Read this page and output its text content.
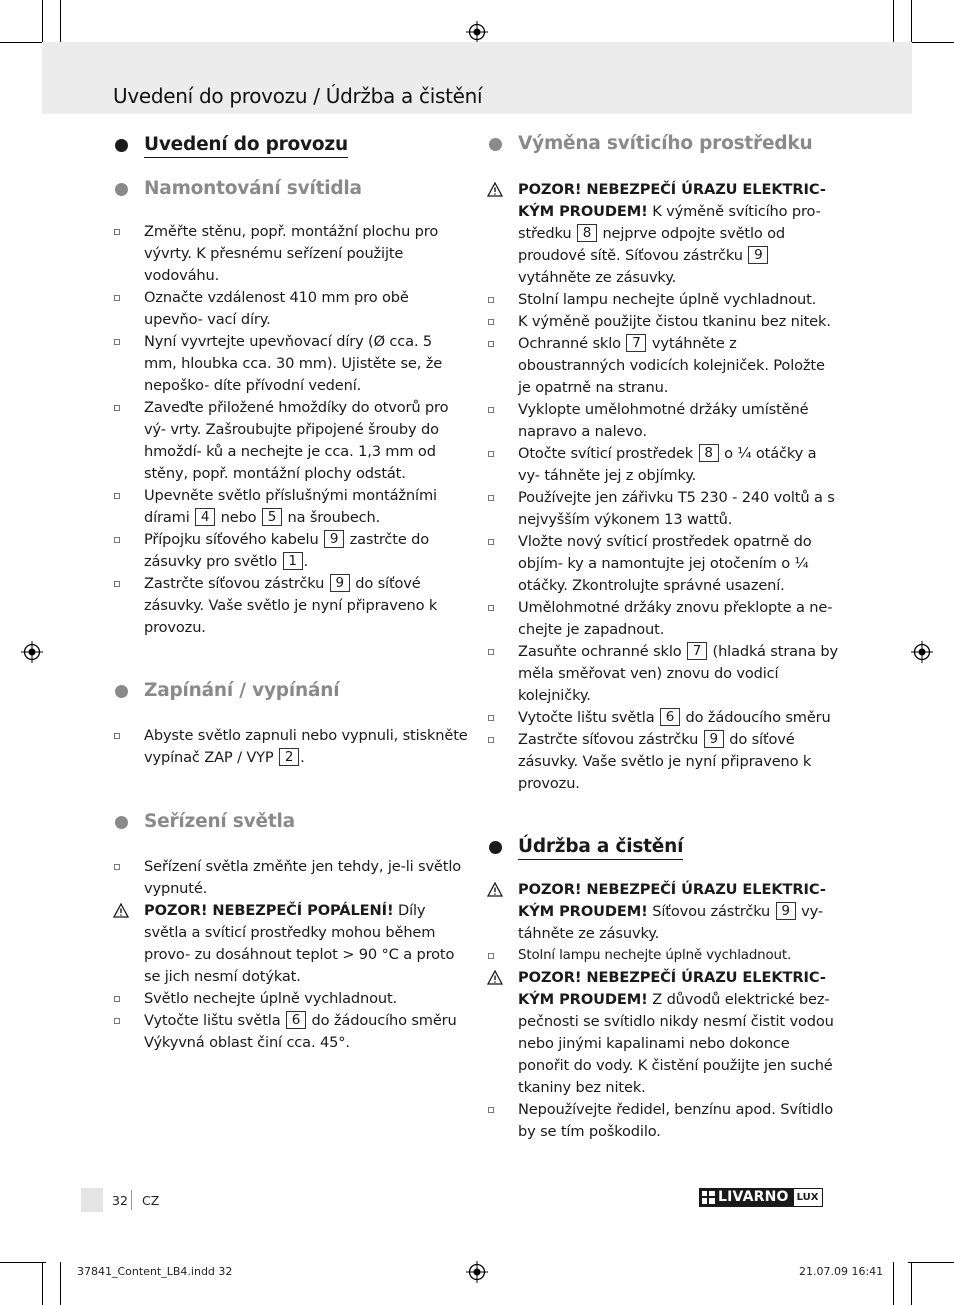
Uvedení do provozu / Údržba a čistění
Uvedení do provozu
Namontování svítidla
Změřte stěnu, popř. montážní plochu pro vývrty. K přesnému seřízení použijte vodováhu.
Označte vzdálenost 410 mm pro obě upevňo- vací díry.
Nyní vyvrtejte upevňovací díry (Ø cca. 5 mm, hloubka cca. 30 mm). Ujistěte se, že nepoško- díte přívodní vedení.
Zaveďte přiložené hmoždíky do otvorů pro vý- vrty. Zašroubujte připojené šrouby do hmoždí- ků a nechejte je cca. 1,3 mm od stěny, popř. montážní plochy odstát.
Upevněte světlo příslušnými montážními dírami 4 nebo 5 na šroubech.
Přípojku síťového kabelu 9 zastrčte do zásuvky pro světlo 1 .
Zastrčte síťovou zástrčku 9 do síťové zásuvky. Vaše světlo je nyní připraveno k provozu.
Zapínání / vypínání
Abyste světlo zapnuli nebo vypnuli, stiskněte vypínač ZAP / VYP 2 .
Seřízení světla
Seřízení světla změňte jen tehdy, je-li světlo vypnuté.
POZOR! NEBEZPEČÍ POPÁLENÍ! Díly světla a svíticí prostředky mohou během provo- zu dosáhnout teplot > 90 °C a proto se jich nesmí dotýkat.
Světlo nechejte úplně vychladnout.
Vytočte lištu světla 6 do žádoucího směru Výkyvná oblast činí cca. 45°.
Výměna svíticího prostředku
POZOR! NEBEZPEČÍ ÚRAZU ELEKTRIC- KÝM PROUDEM! K výměně svíticího pro- středku 8 nejprve odpojte světlo od proudové sítě. Síťovou zástrčku 9 vytáhněte ze zásuvky.
Stolní lampu nechejte úplně vychladnout.
K výměně použijte čistou tkaninu bez nitek.
Ochranné sklo 7 vytáhněte z oboustranných vodicích kolejniček. Položte je opatrně na stranu.
Vyklopte umělohmotné držáky umístěné napravo a nalevo.
Otočte svíticí prostředek 8 o ¼ otáčky a vy- táhněte jej z objímky.
Používejte jen zářivku T5 230 - 240 voltů a s nejvyšším výkonem 13 wattů.
Vložte nový svíticí prostředek opatrně do objím- ky a namontujte jej otočením o ¼ otáčky. Zkontrolujte správné usazení.
Umělohmotné držáky znovu překlopte a ne- chejte je zapadnout.
Zasuňte ochranné sklo 7 (hladká strana by měla směřovat ven) znovu do vodicí kolejničky.
Vytočte lištu světla 6 do žádoucího směru
Zastrčte síťovou zástrčku 9 do síťové zásuvky. Vaše světlo je nyní připraveno k provozu.
Údržba a čistění
POZOR! NEBEZPEČÍ ÚRAZU ELEKTRIC- KÝM PROUDEM! Síťovou zástrčku 9 vy- táhněte ze zásuvky.
Stolní lampu nechejte úplně vychladnout.
POZOR! NEBEZPEČÍ ÚRAZU ELEKTRIC- KÝM PROUDEM! Z důvodů elektrické bez- pečnosti se svítidlo nikdy nesmí čistit vodou nebo jinými kapalinami nebo dokonce ponořit do vody. K čistění použijte jen suché tkaniny bez nitek.
Nepoužívejte ředidel, benzínu apod. Svítidlo by se tím poškodilo.
32 CZ	LIVARNO LUX
37841_Content_LB4.indd 32	21.07.09 16:41
